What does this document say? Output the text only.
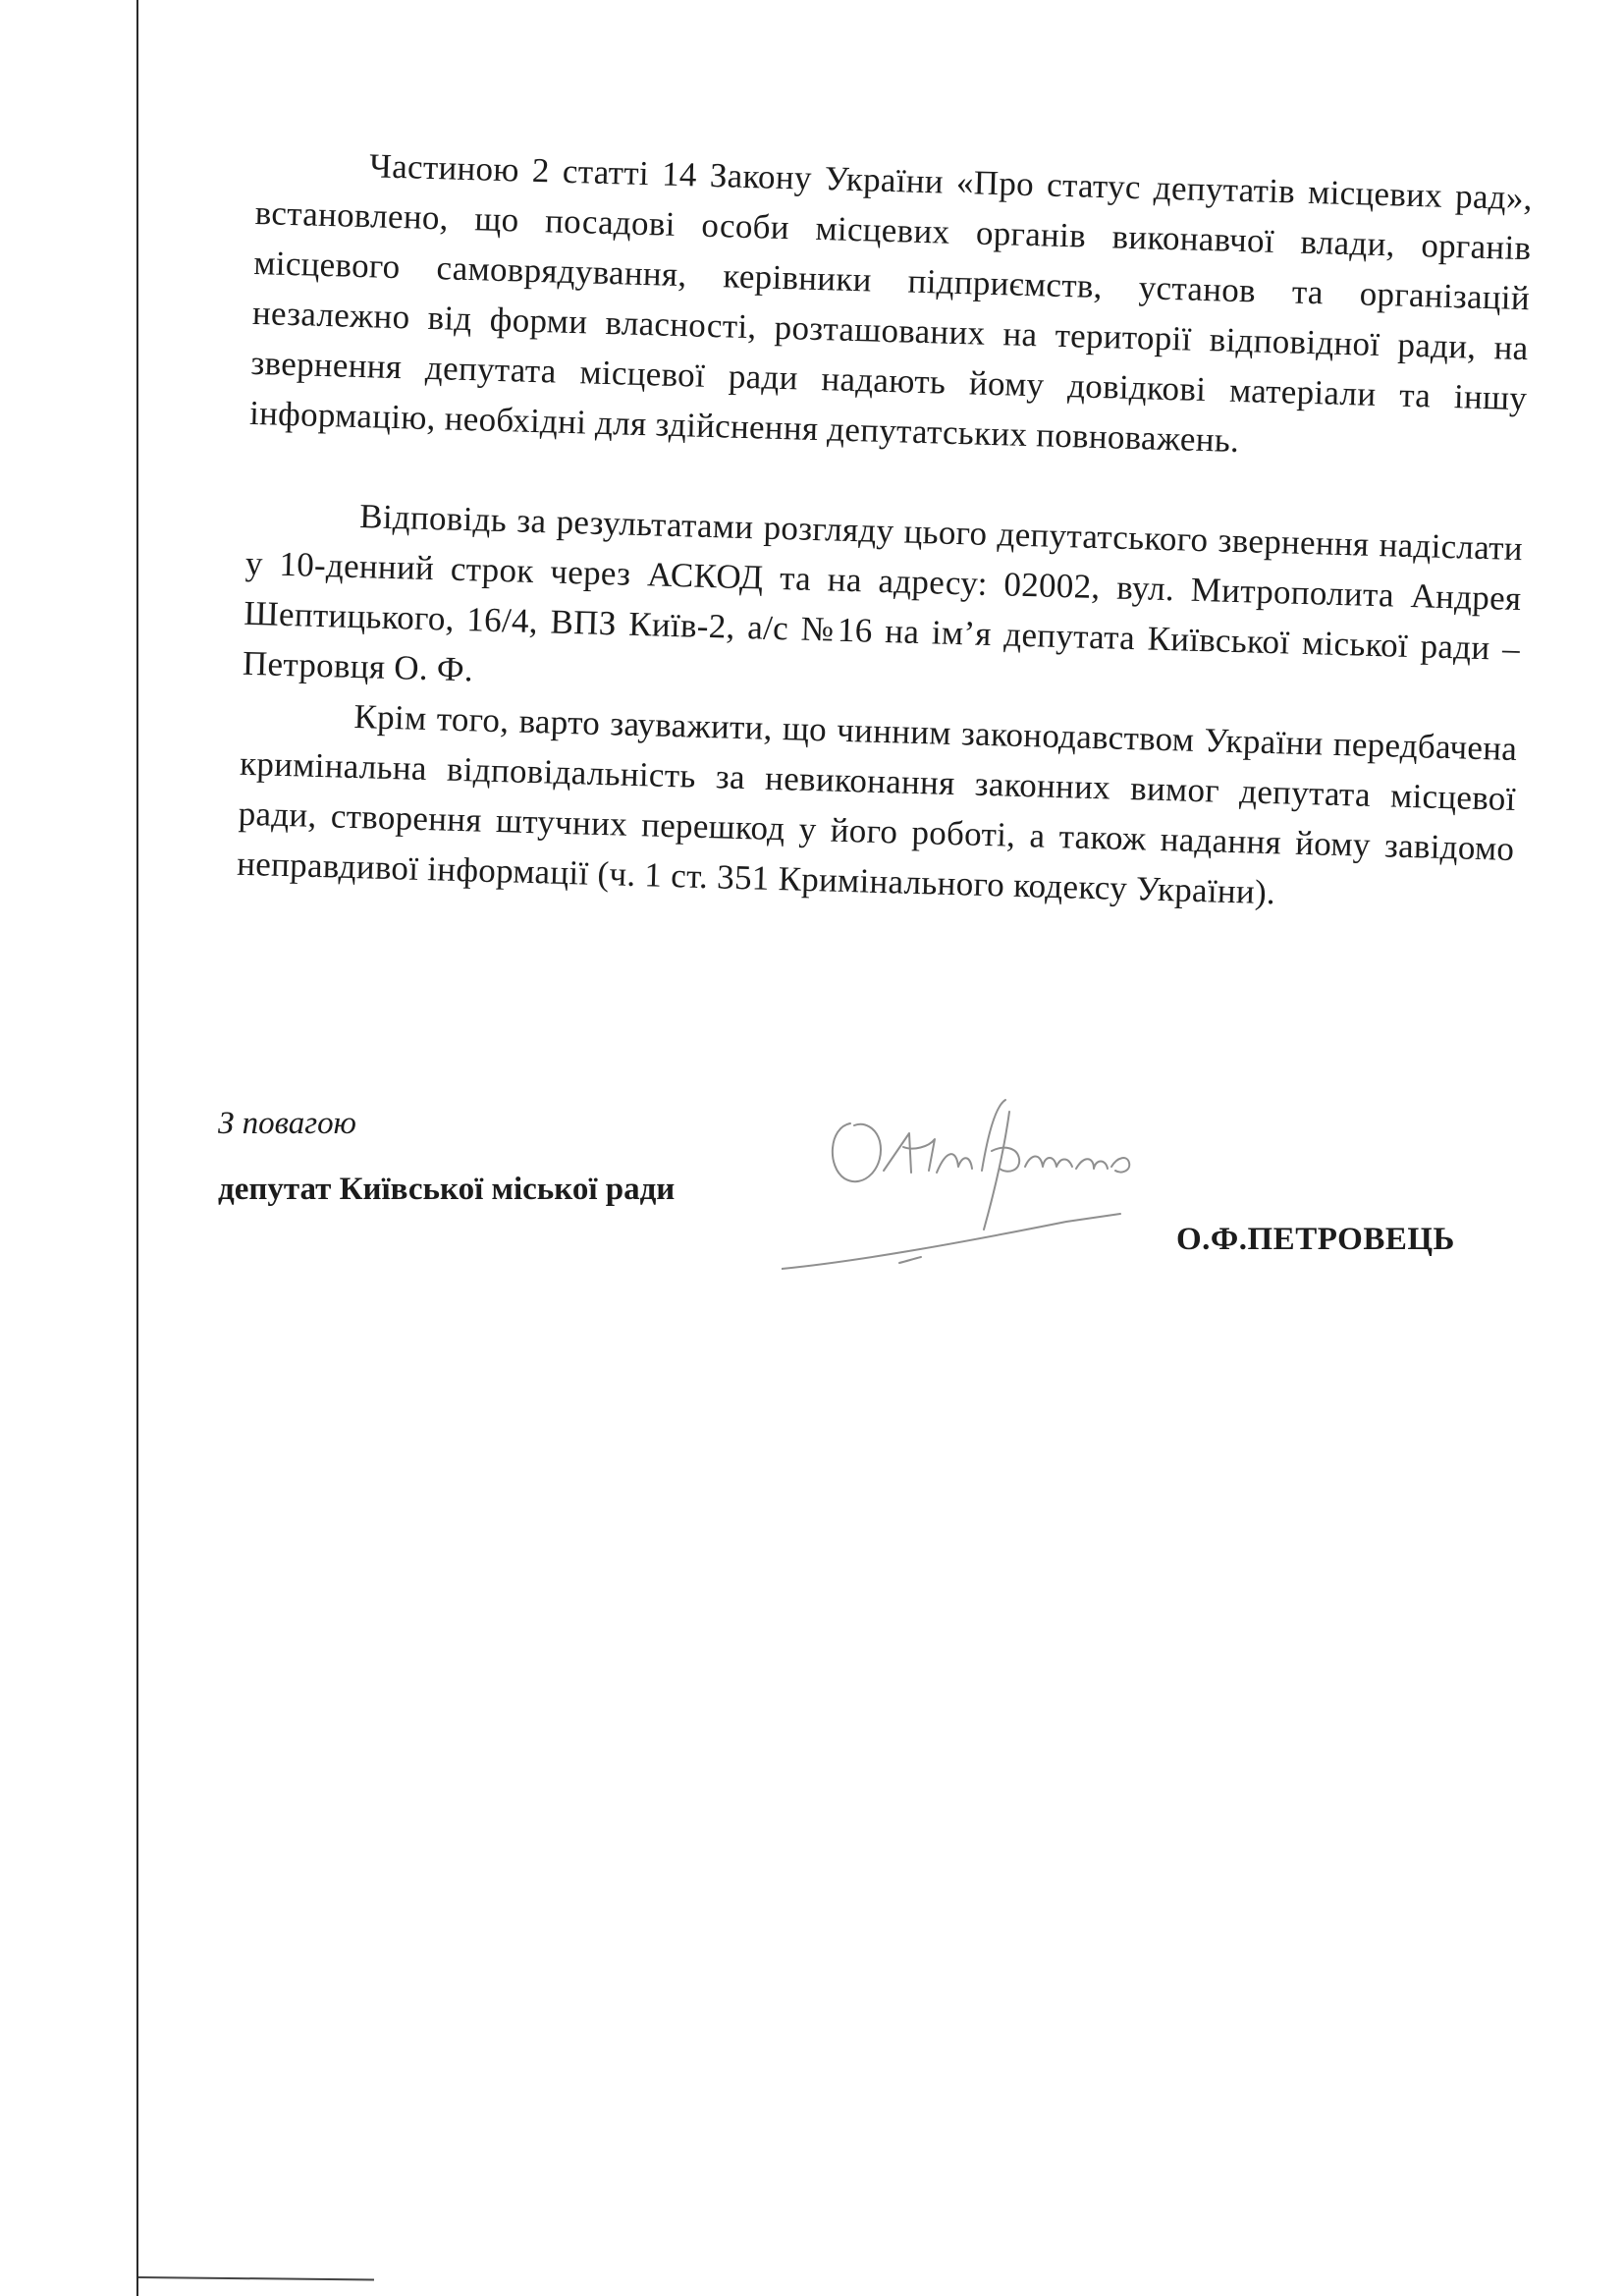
Частиною 2 статті 14 Закону України «Про статус депутатів місцевих рад», встановлено, що посадові особи місцевих органів виконавчої влади, органів місцевого самоврядування, керівники підприємств, установ та організацій незалежно від форми власності, розташованих на території відповідної ради, на звернення депутата місцевої ради надають йому довідкові матеріали та іншу інформацію, необхідні для здійснення депутатських повноважень.

Відповідь за результатами розгляду цього депутатського звернення надіслати у 10-денний строк через АСКОД та на адресу: 02002, вул. Митрополита Андрея Шептицького, 16/4, ВПЗ Київ-2, а/с №16 на ім’я депутата Київської міської ради – Петровця О. Ф.

Крім того, варто зауважити, що чинним законодавством України передбачена кримінальна відповідальність за невиконання законних вимог депутата місцевої ради, створення штучних перешкод у його роботі, а також надання йому завідомо неправдивої інформації (ч. 1 ст. 351 Кримінального кодексу України).

З повагою
депутат Київської міської ради
О.Ф.ПЕТРОВЕЦЬ
